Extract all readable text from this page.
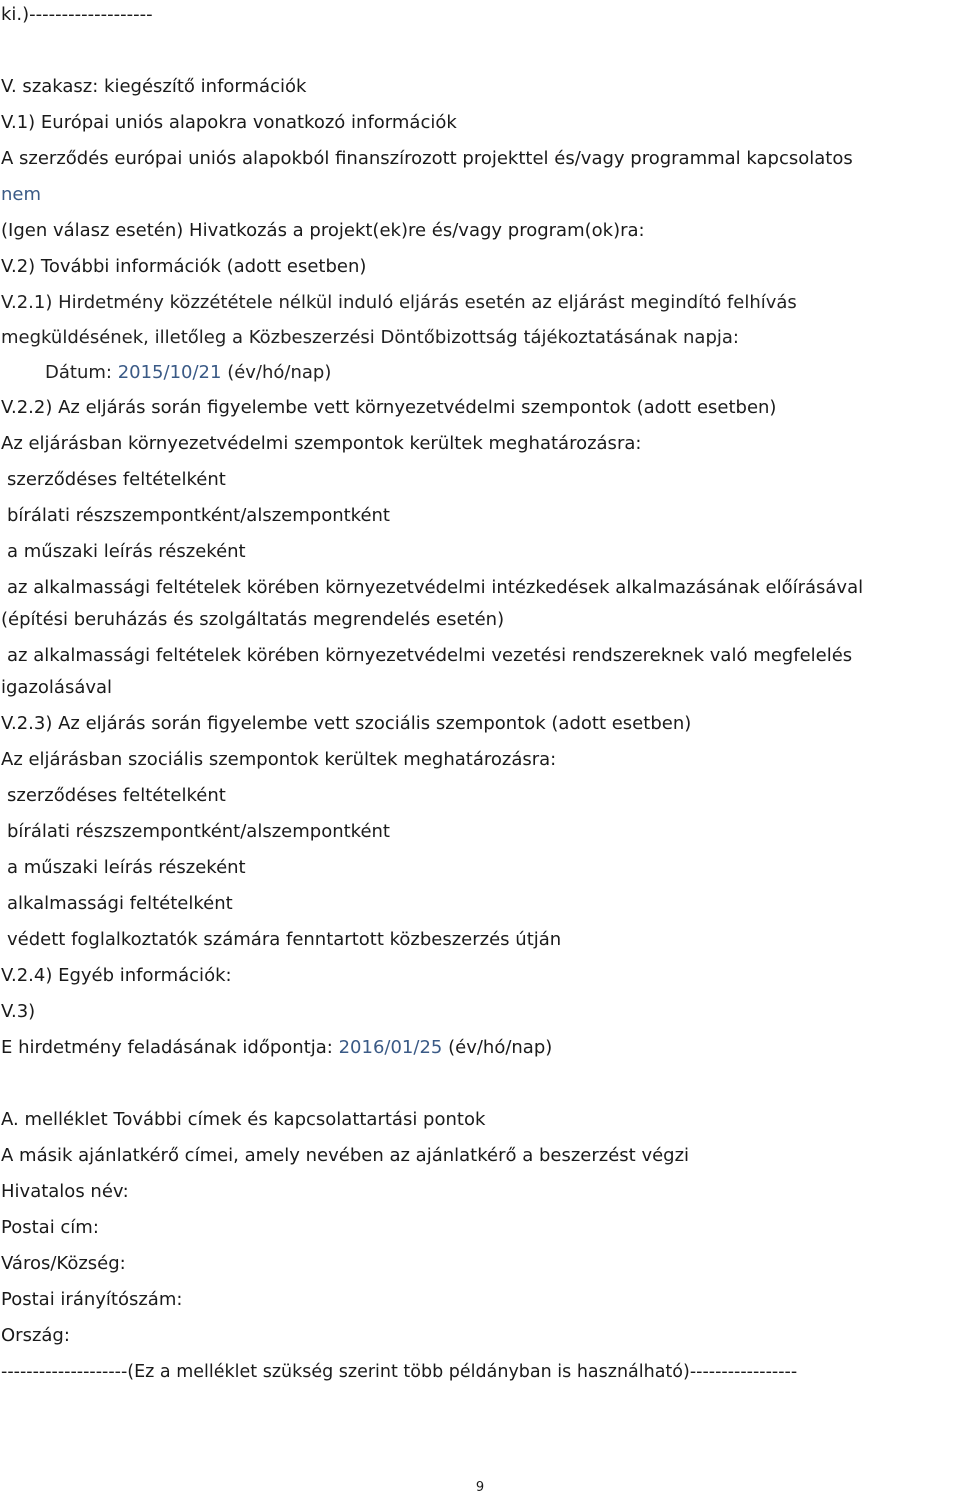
ki.)-------------------
V. szakasz: kiegészítő információk
V.1) Európai uniós alapokra vonatkozó információk
A szerződés európai uniós alapokból finanszírozott projekttel és/vagy programmal kapcsolatos
nem
(Igen válasz esetén) Hivatkozás a projekt(ek)re és/vagy program(ok)ra:
V.2) További információk (adott esetben)
V.2.1) Hirdetmény közzététele nélkül induló eljárás esetén az eljárást megindító felhívás
megküldésének, illetőleg a Közbeszerzési Döntőbizottság tájékoztatásának napja:
Dátum: 2015/10/21 (év/hó/nap)
V.2.2) Az eljárás során figyelembe vett környezetvédelmi szempontok (adott esetben)
Az eljárásban környezetvédelmi szempontok kerültek meghatározásra:
szerződéses feltételként
bírálati részszempontként/alszempontként
a műszaki leírás részeként
az alkalmassági feltételek körében környezetvédelmi intézkedések alkalmazásának előírásával
(építési beruházás és szolgáltatás megrendelés esetén)
az alkalmassági feltételek körében környezetvédelmi vezetési rendszereknek való megfelelés
igazolásával
V.2.3) Az eljárás során figyelembe vett szociális szempontok (adott esetben)
Az eljárásban szociális szempontok kerültek meghatározásra:
szerződéses feltételként
bírálati részszempontként/alszempontként
a műszaki leírás részeként
alkalmassági feltételként
védett foglalkoztatók számára fenntartott közbeszerzés útján
V.2.4) Egyéb információk:
V.3)
E hirdetmény feladásának időpontja: 2016/01/25 (év/hó/nap)
A. melléklet További címek és kapcsolattartási pontok
A másik ajánlatkérő címei, amely nevében az ajánlatkérő a beszerzést végzi
Hivatalos név:
Postai cím:
Város/Község:
Postai irányítószám:
Ország:
--------------------(Ez a melléklet szükség szerint több példányban is használható)-----------------
9
